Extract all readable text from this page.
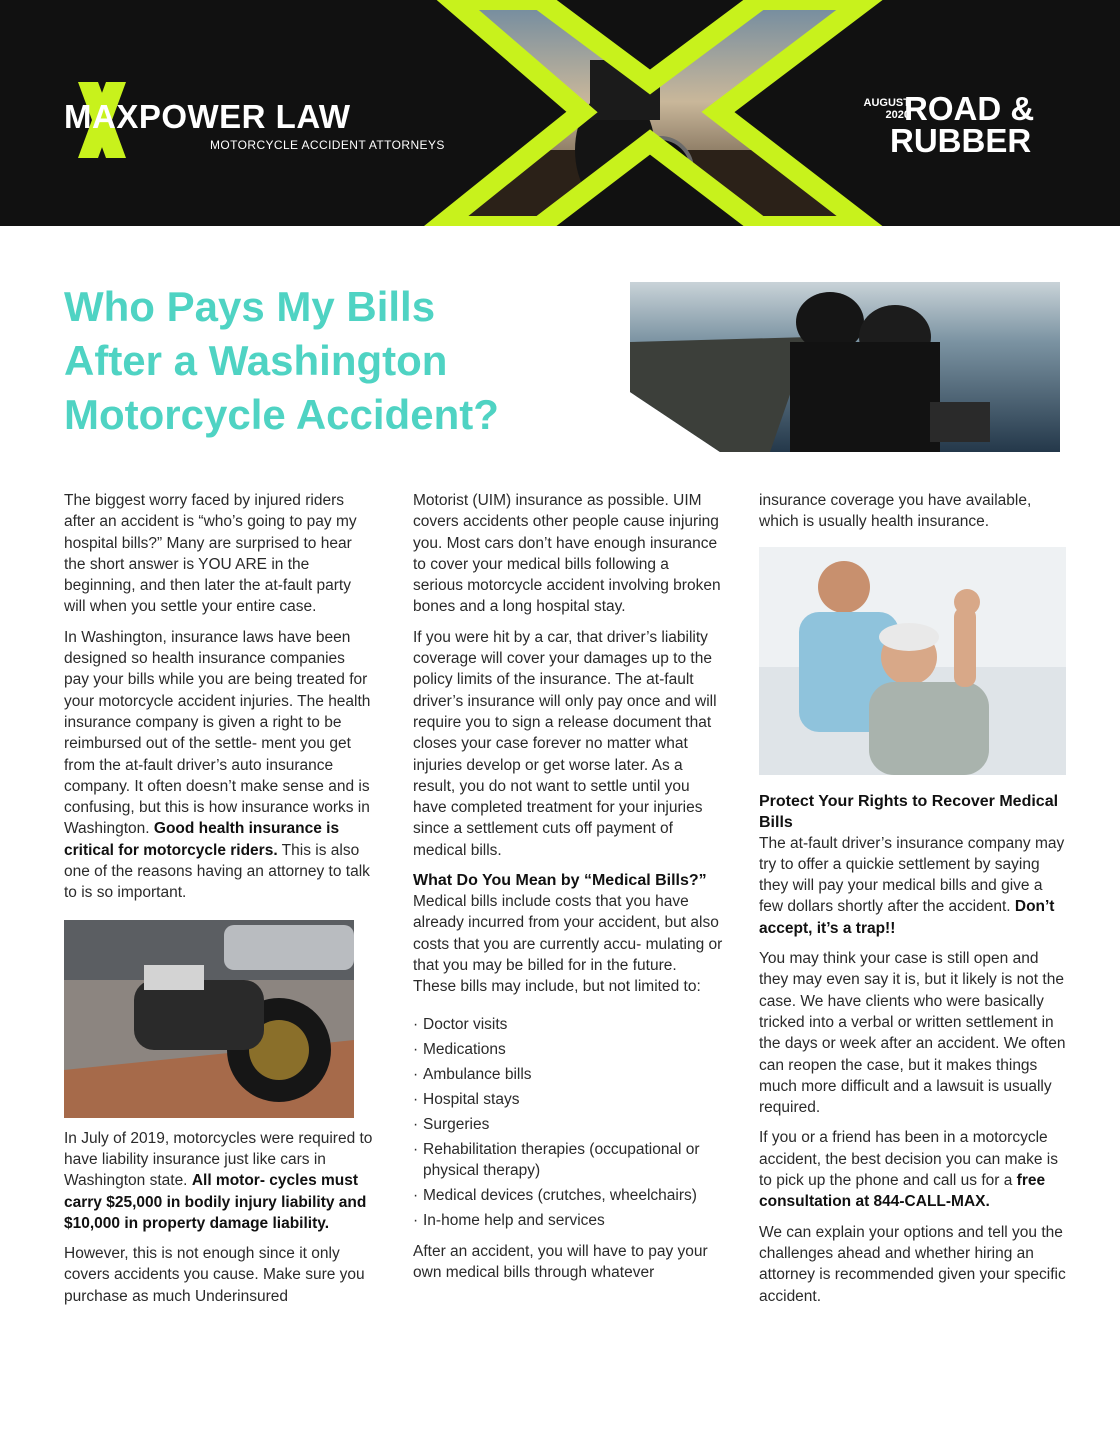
MAXPOWER LAW
MOTORCYCLE ACCIDENT ATTORNEYS
AUGUST
2020
ROAD &
RUBBER
Who Pays My Bills
After a Washington
Motorcycle Accident?

The biggest worry faced by injured riders after an accident is “who’s going to pay my hospital bills?” Many are surprised to hear the short answer is YOU ARE in the beginning, and then later the at-fault party will when you settle your entire case.

In Washington, insurance laws have been designed so health insurance companies pay your bills while you are being treated for your motorcycle accident injuries. The health insurance company is given a right to be reimbursed out of the settle- ment you get from the at-fault driver’s auto insurance company. It often doesn’t make sense and is confusing, but this is how insurance works in Washington. Good health insurance is critical for motorcycle riders. This is also one of the reasons having an attorney to talk to is so important.

In July of 2019, motorcycles were required to have liability insurance just like cars in Washington state. All motor- cycles must carry $25,000 in bodily injury liability and $10,000 in property damage liability.

However, this is not enough since it only covers accidents you cause. Make sure you purchase as much Underinsured

Motorist (UIM) insurance as possible. UIM covers accidents other people cause injuring you. Most cars don’t have enough insurance to cover your medical bills following a serious motorcycle accident involving broken bones and a long hospital stay.

If you were hit by a car, that driver’s liability coverage will cover your damages up to the policy limits of the insurance. The at-fault driver’s insurance will only pay once and will require you to sign a release document that closes your case forever no matter what injuries develop or get worse later. As a result, you do not want to settle until you have completed treatment for your injuries since a settlement cuts off payment of medical bills.

What Do You Mean by “Medical Bills?”

Medical bills include costs that you have already incurred from your accident, but also costs that you are currently accu- mulating or that you may be billed for in the future. These bills may include, but not limited to:

· Doctor visits
· Medications
· Ambulance bills
· Hospital stays
· Surgeries
· Rehabilitation therapies (occupational or physical therapy)
· Medical devices (crutches, wheelchairs)
· In-home help and services

After an accident, you will have to pay your own medical bills through whatever

insurance coverage you have available, which is usually health insurance.

Protect Your Rights to Recover Medical Bills

The at-fault driver’s insurance company may try to offer a quickie settlement by saying they will pay your medical bills and give a few dollars shortly after the accident. Don’t accept, it’s a trap!!

You may think your case is still open and they may even say it is, but it likely is not the case. We have clients who were basically tricked into a verbal or written settlement in the days or week after an accident. We often can reopen the case, but it makes things much more difficult and a lawsuit is usually required.

If you or a friend has been in a motorcycle accident, the best decision you can make is to pick up the phone and call us for a free consultation at 844-CALL-MAX.

We can explain your options and tell you the challenges ahead and whether hiring an attorney is recommended given your specific accident.
